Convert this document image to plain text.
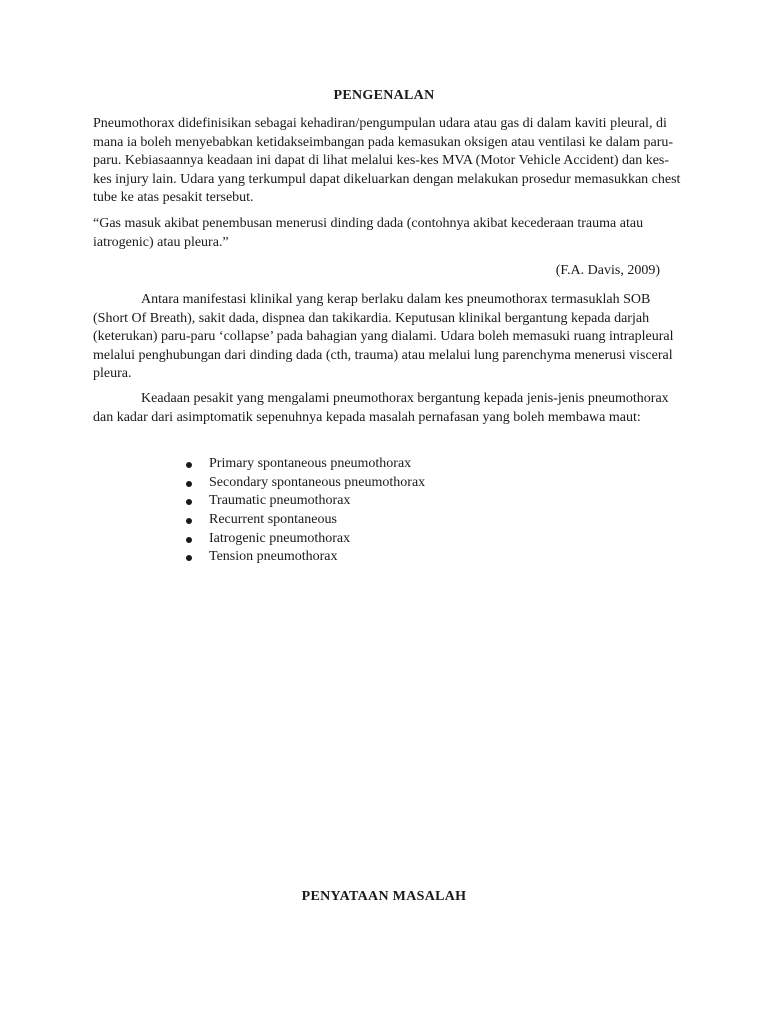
PENGENALAN

Pneumothorax didefinisikan sebagai kehadiran/pengumpulan udara atau gas di dalam kaviti pleural, di mana ia boleh menyebabkan ketidakseimbangan pada kemasukan oksigen atau ventilasi ke dalam paru-paru. Kebiasaannya keadaan ini dapat di lihat melalui kes-kes MVA (Motor Vehicle Accident) dan kes-kes injury lain. Udara yang terkumpul dapat dikeluarkan dengan melakukan prosedur memasukkan chest tube ke atas pesakit tersebut.

“Gas masuk akibat penembusan menerusi dinding dada (contohnya akibat kecederaan trauma atau iatrogenic) atau pleura.”

(F.A. Davis, 2009)

Antara manifestasi klinikal yang kerap berlaku dalam kes pneumothorax termasuklah SOB (Short Of Breath), sakit dada, dispnea dan takikardia. Keputusan klinikal bergantung kepada darjah (keterukan) paru-paru ‘collapse’ pada bahagian yang dialami. Udara boleh memasuki ruang intrapleural melalui penghubungan dari dinding dada (cth, trauma) atau melalui lung parenchyma menerusi visceral pleura.

Keadaan pesakit yang mengalami pneumothorax bergantung kepada jenis-jenis pneumothorax dan kadar dari asimptomatik sepenuhnya kepada masalah pernafasan yang boleh membawa maut:

Primary spontaneous pneumothorax
Secondary spontaneous pneumothorax
Traumatic pneumothorax
Recurrent spontaneous
Iatrogenic pneumothorax
Tension pneumothorax
PENYATAAN MASALAH
